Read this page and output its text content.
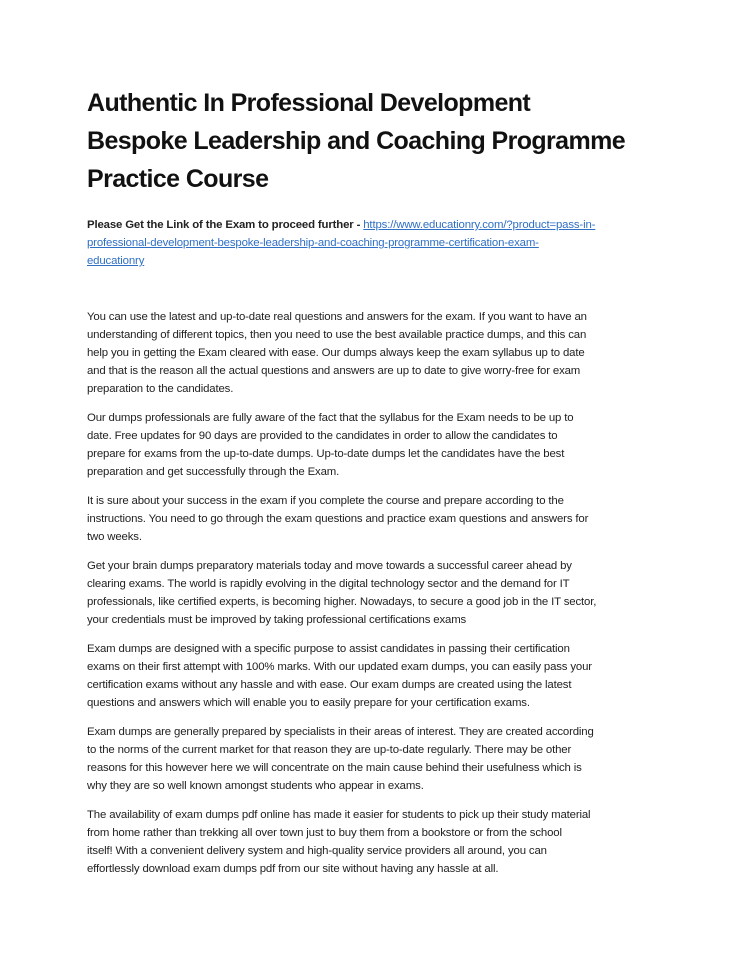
Authentic In Professional Development
Bespoke Leadership and Coaching Programme
Practice Course

Please Get the Link of the Exam to proceed further - https://www.educationry.com/?product=pass-in-
professional-development-bespoke-leadership-and-coaching-programme-certification-exam-
educationry

You can use the latest and up-to-date real questions and answers for the exam. If you want to have an
understanding of different topics, then you need to use the best available practice dumps, and this can
help you in getting the Exam cleared with ease. Our dumps always keep the exam syllabus up to date
and that is the reason all the actual questions and answers are up to date to give worry-free for exam
preparation to the candidates.

Our dumps professionals are fully aware of the fact that the syllabus for the Exam needs to be up to
date. Free updates for 90 days are provided to the candidates in order to allow the candidates to
prepare for exams from the up-to-date dumps. Up-to-date dumps let the candidates have the best
preparation and get successfully through the Exam.

It is sure about your success in the exam if you complete the course and prepare according to the
instructions. You need to go through the exam questions and practice exam questions and answers for
two weeks.

Get your brain dumps preparatory materials today and move towards a successful career ahead by
clearing exams. The world is rapidly evolving in the digital technology sector and the demand for IT
professionals, like certified experts, is becoming higher. Nowadays, to secure a good job in the IT sector,
your credentials must be improved by taking professional certifications exams

Exam dumps are designed with a specific purpose to assist candidates in passing their certification
exams on their first attempt with 100% marks. With our updated exam dumps, you can easily pass your
certification exams without any hassle and with ease. Our exam dumps are created using the latest
questions and answers which will enable you to easily prepare for your certification exams.

Exam dumps are generally prepared by specialists in their areas of interest. They are created according
to the norms of the current market for that reason they are up-to-date regularly. There may be other
reasons for this however here we will concentrate on the main cause behind their usefulness which is
why they are so well known amongst students who appear in exams.

The availability of exam dumps pdf online has made it easier for students to pick up their study material
from home rather than trekking all over town just to buy them from a bookstore or from the school
itself! With a convenient delivery system and high-quality service providers all around, you can
effortlessly download exam dumps pdf from our site without having any hassle at all.
